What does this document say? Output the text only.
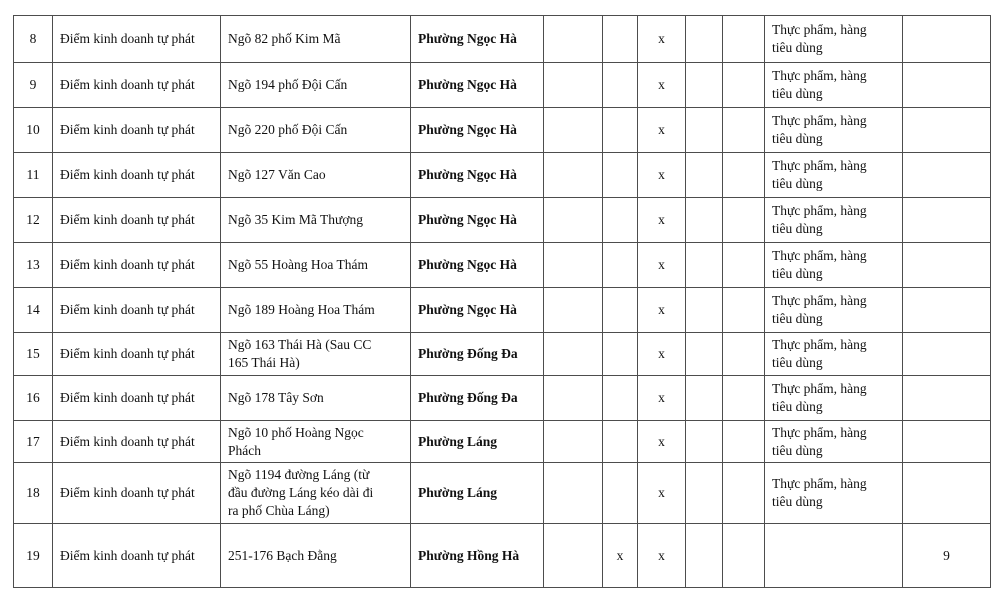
8	Điểm kinh doanh tự phát	Ngõ 82 phố Kim Mã	Phường Ngọc Hà			x			Thực phẩm, hàng tiêu dùng	
9	Điểm kinh doanh tự phát	Ngõ 194 phố Đội Cấn	Phường Ngọc Hà			x			Thực phẩm, hàng tiêu dùng	
10	Điểm kinh doanh tự phát	Ngõ 220 phố Đội Cấn	Phường Ngọc Hà			x			Thực phẩm, hàng tiêu dùng	
11	Điểm kinh doanh tự phát	Ngõ 127 Văn Cao	Phường Ngọc Hà			x			Thực phẩm, hàng tiêu dùng	
12	Điểm kinh doanh tự phát	Ngõ 35 Kim Mã Thượng	Phường Ngọc Hà			x			Thực phẩm, hàng tiêu dùng	
13	Điểm kinh doanh tự phát	Ngõ 55 Hoàng Hoa Thám	Phường Ngọc Hà			x			Thực phẩm, hàng tiêu dùng	
14	Điểm kinh doanh tự phát	Ngõ 189 Hoàng Hoa Thám	Phường Ngọc Hà			x			Thực phẩm, hàng tiêu dùng	
15	Điểm kinh doanh tự phát	Ngõ 163 Thái Hà (Sau CC 165 Thái Hà)	Phường Đống Đa			x			Thực phẩm, hàng tiêu dùng	
16	Điểm kinh doanh tự phát	Ngõ 178 Tây Sơn	Phường Đống Đa			x			Thực phẩm, hàng tiêu dùng	
17	Điểm kinh doanh tự phát	Ngõ 10 phố Hoàng Ngọc Phách	Phường Láng			x			Thực phẩm, hàng tiêu dùng	
18	Điểm kinh doanh tự phát	Ngõ 1194 đường Láng (từ đầu đường Láng kéo dài đi ra phố Chùa Láng)	Phường Láng			x			Thực phẩm, hàng tiêu dùng	
19	Điểm kinh doanh tự phát	251-176 Bạch Đằng	Phường Hồng Hà		x	x				9
